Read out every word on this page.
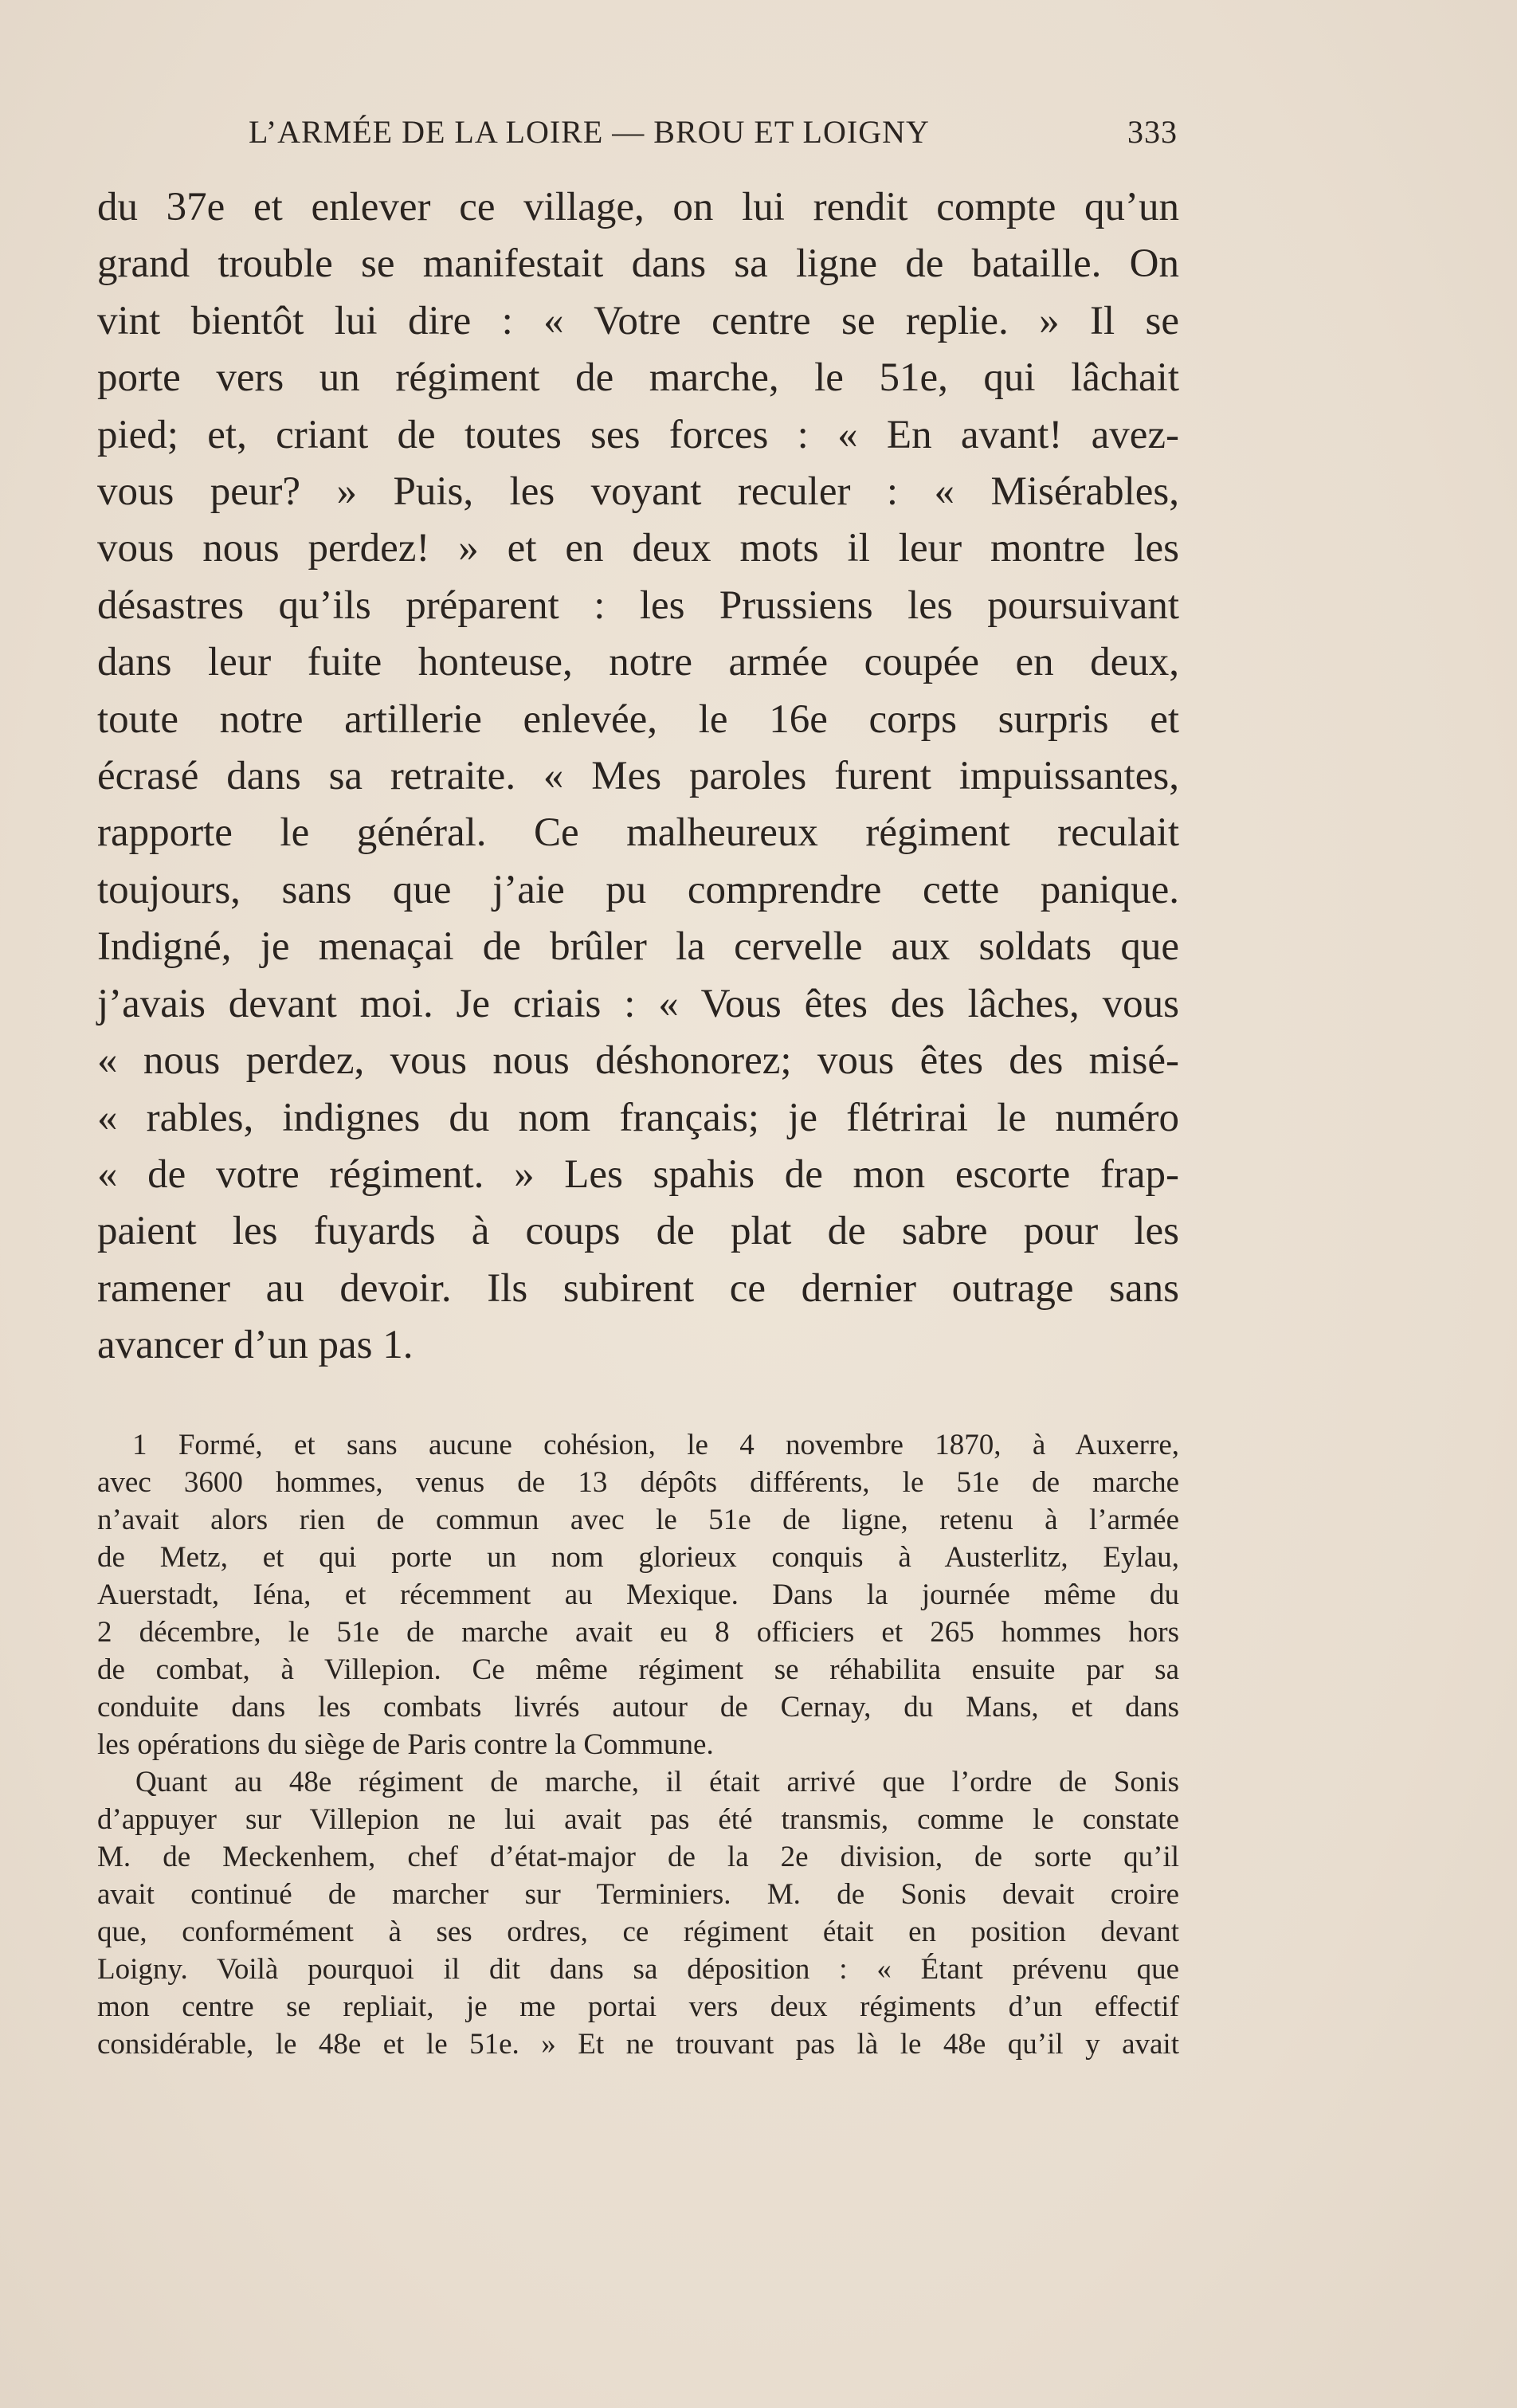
L’ARMÉE DE LA LOIRE — BROU ET LOIGNY	333
du 37e et enlever ce village, on lui rendit compte qu’un
grand trouble se manifestait dans sa ligne de bataille. On
vint bientôt lui dire : « Votre centre se replie. » Il se
porte vers un régiment de marche, le 51e, qui lâchait
pied; et, criant de toutes ses forces : « En avant! avez-
vous peur? » Puis, les voyant reculer : « Misérables,
vous nous perdez! » et en deux mots il leur montre les
désastres qu’ils préparent : les Prussiens les poursuivant
dans leur fuite honteuse, notre armée coupée en deux,
toute notre artillerie enlevée, le 16e corps surpris et
écrasé dans sa retraite. « Mes paroles furent impuissantes,
rapporte le général. Ce malheureux régiment reculait
toujours, sans que j’aie pu comprendre cette panique.
Indigné, je menaçai de brûler la cervelle aux soldats que
j’avais devant moi. Je criais : « Vous êtes des lâches, vous
« nous perdez, vous nous déshonorez; vous êtes des misé-
« rables, indignes du nom français; je flétrirai le numéro
« de votre régiment. » Les spahis de mon escorte frap-
paient les fuyards à coups de plat de sabre pour les
ramener au devoir. Ils subirent ce dernier outrage sans
avancer d’un pas 1.
1 Formé, et sans aucune cohésion, le 4 novembre 1870, à Auxerre,
avec 3600 hommes, venus de 13 dépôts différents, le 51e de marche
n’avait alors rien de commun avec le 51e de ligne, retenu à l’armée
de Metz, et qui porte un nom glorieux conquis à Austerlitz, Eylau,
Auerstadt, Iéna, et récemment au Mexique. Dans la journée même du
2 décembre, le 51e de marche avait eu 8 officiers et 265 hommes hors
de combat, à Villepion. Ce même régiment se réhabilita ensuite par sa
conduite dans les combats livrés autour de Cernay, du Mans, et dans
les opérations du siège de Paris contre la Commune.
Quant au 48e régiment de marche, il était arrivé que l’ordre de Sonis
d’appuyer sur Villepion ne lui avait pas été transmis, comme le constate
M. de Meckenhem, chef d’état-major de la 2e division, de sorte qu’il
avait continué de marcher sur Terminiers. M. de Sonis devait croire
que, conformément à ses ordres, ce régiment était en position devant
Loigny. Voilà pourquoi il dit dans sa déposition : « Étant prévenu que
mon centre se repliait, je me portai vers deux régiments d’un effectif
considérable, le 48e et le 51e. » Et ne trouvant pas là le 48e qu’il y avait
